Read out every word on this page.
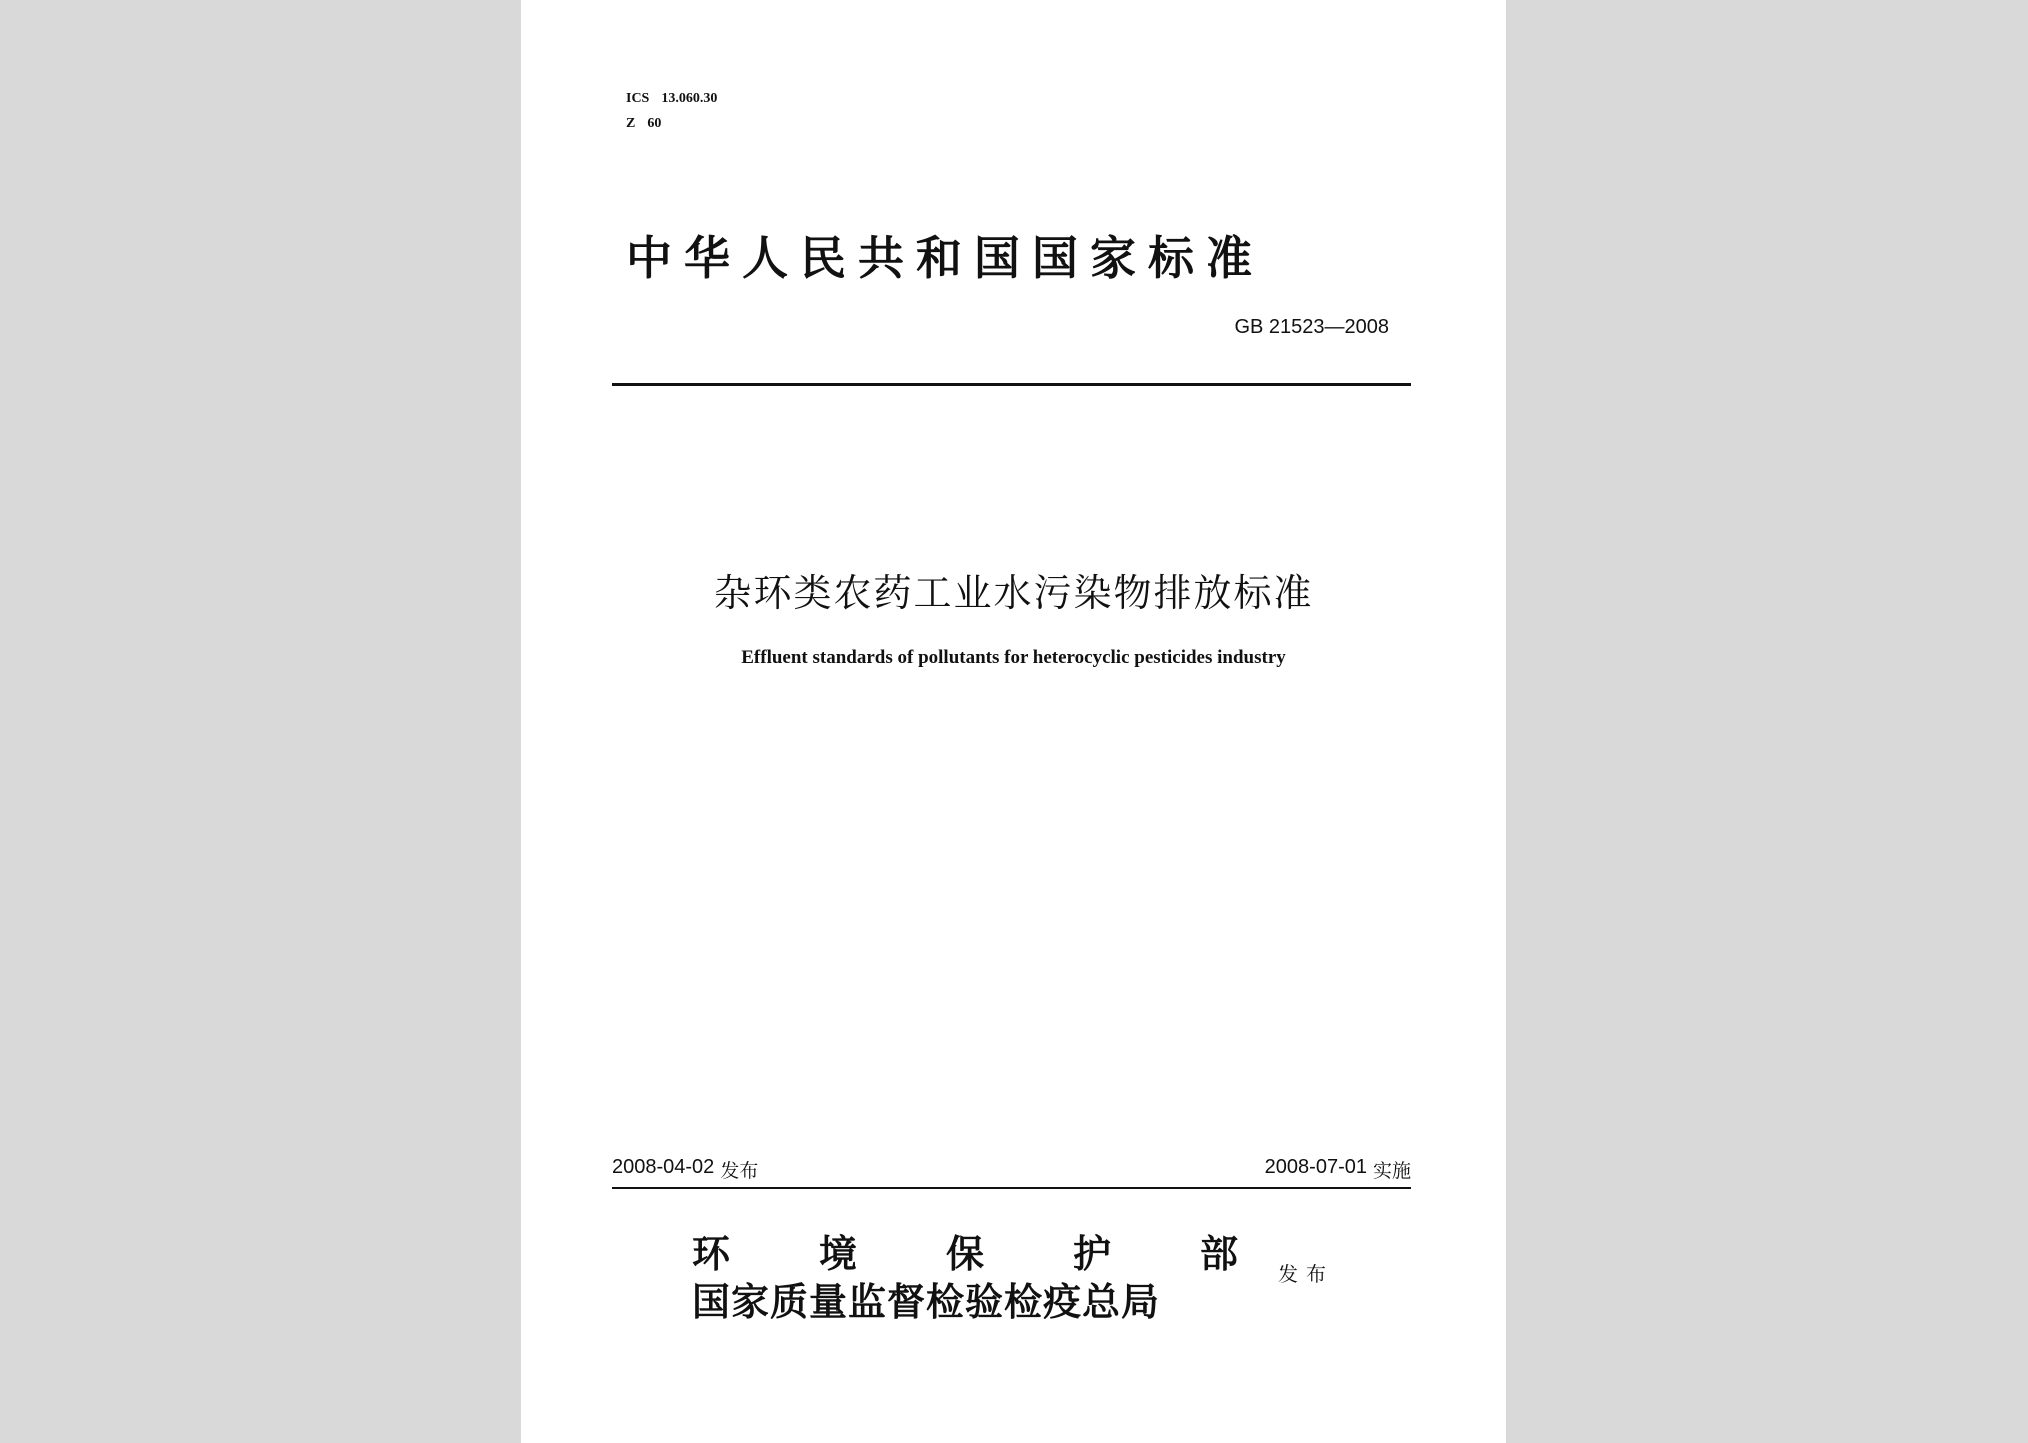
ICS 13.060.30
Z 60
中华人民共和国国家标准
GB 21523—2008
杂环类农药工业水污染物排放标准
Effluent standards of pollutants for heterocyclic pesticides industry
2008-04-02 发布	2008-07-01 实施
环 境 保 护 部
国家质量监督检验检疫总局
发布
